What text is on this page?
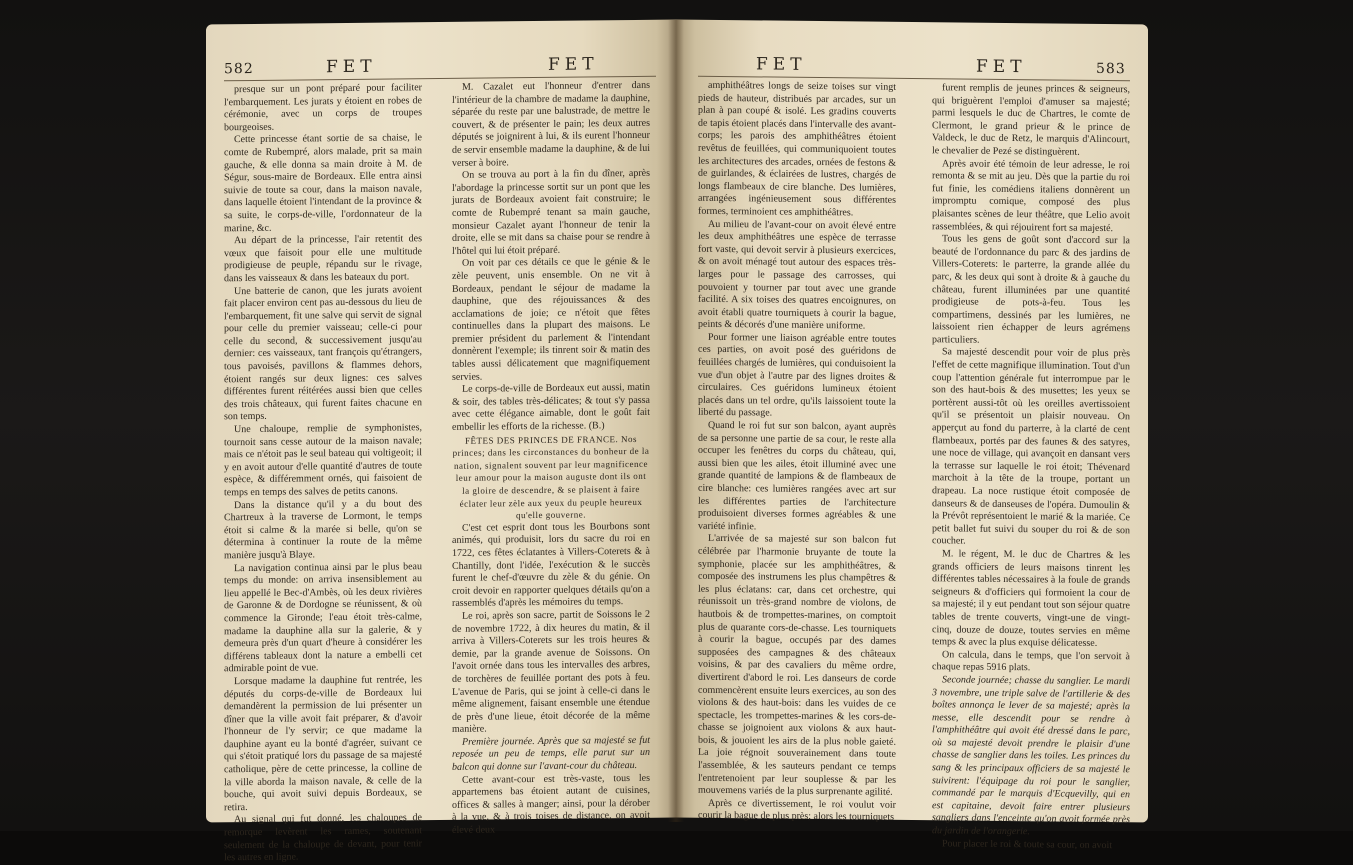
582	FET	FET

presque sur un pont préparé pour faciliter l'embarquement. Les jurats y étoient en robes de cérémonie, avec un corps de troupes bourgeoises.

Cette princesse étant sortie de sa chaise, le comte de Rubempré, alors malade, prit sa main gauche, & elle donna sa main droite à M. de Ségur, sous-maire de Bordeaux. Elle entra ainsi suivie de toute sa cour, dans la maison navale, dans laquelle étoient l'intendant de la province & sa suite, le corps-de-ville, l'ordonnateur de la marine, &c.

Au départ de la princesse, l'air retentit des vœux que faisoit pour elle une multitude prodigieuse de peuple, répandu sur le rivage, dans les vaisseaux & dans les bateaux du port.

Une batterie de canon, que les jurats avoient fait placer environ cent pas au-dessous du lieu de l'embarquement, fit une salve qui servit de signal pour celle du premier vaisseau; celle-ci pour celle du second, & successivement jusqu'au dernier: ces vaisseaux, tant françois qu'étrangers, tous pavoisés, pavillons & flammes dehors, étoient rangés sur deux lignes: ces salves différentes furent réitérées aussi bien que celles des trois châteaux, qui furent faites chacune en son temps.

Une chaloupe, remplie de symphonistes, tournoit sans cesse autour de la maison navale; mais ce n'étoit pas le seul bateau qui voltigeoit; il y en avoit autour d'elle quantité d'autres de toute espèce, & différemment ornés, qui faisoient de temps en temps des salves de petits canons.

Dans la distance qu'il y a du bout des Chartreux à la traverse de Lormont, le temps étoit si calme & la marée si belle, qu'on se détermina à continuer la route de la même manière jusqu'à Blaye.

La navigation continua ainsi par le plus beau temps du monde: on arriva insensiblement au lieu appellé le Bec-d'Ambès, où les deux rivières de Garonne & de Dordogne se réunissent, & où commence la Gironde; l'eau étoit très-calme, madame la dauphine alla sur la galerie, & y demeura près d'un quart d'heure à considérer les différens tableaux dont la nature a embelli cet admirable point de vue.

Lorsque madame la dauphine fut rentrée, les députés du corps-de-ville de Bordeaux lui demandèrent la permission de lui présenter un dîner que la ville avoit fait préparer, & d'avoir l'honneur de l'y servir; ce que madame la dauphine ayant eu la bonté d'agréer, suivant ce qui s'étoit pratiqué lors du passage de sa majesté catholique, père de cette princesse, la colline de la ville aborda la maison navale, & celle de la bouche, qui avoit suivi depuis Bordeaux, se retira.

Au signal qui fut donné, les chaloupes de remorque levèrent les rames, soutenant seulement de la chaloupe de devant, pour tenir les autres en ligne.

M. Cazalet eut l'honneur d'entrer dans l'intérieur de la chambre de madame la dauphine, séparée du reste par une balustrade, de mettre le couvert, & de présenter le pain; les deux autres députés se joignirent à lui, & ils eurent l'honneur de servir ensemble madame la dauphine, & de lui verser à boire.

On se trouva au port à la fin du dîner, après l'abordage la princesse sortit sur un pont que les jurats de Bordeaux avoient fait construire; le comte de Rubempré tenant sa main gauche, monsieur Cazalet ayant l'honneur de tenir la droite, elle se mit dans sa chaise pour se rendre à l'hôtel qui lui étoit préparé.

On voit par ces détails ce que le génie & le zèle peuvent, unis ensemble. On ne vit à Bordeaux, pendant le séjour de madame la dauphine, que des réjouissances & des acclamations de joie; ce n'étoit que fêtes continuelles dans la plupart des maisons. Le premier président du parlement & l'intendant donnèrent l'exemple; ils tinrent soir & matin des tables aussi délicatement que magnifiquement servies.

Le corps-de-ville de Bordeaux eut aussi, matin & soir, des tables très-délicates; & tout s'y passa avec cette élégance aimable, dont le goût fait embellir les efforts de la richesse. (B.)

FÊTES DES PRINCES DE FRANCE. Nos princes; dans les circonstances du bonheur de la nation, signalent souvent par leur magnificence leur amour pour la maison auguste dont ils ont la gloire de descendre, & se plaisent à faire éclater leur zèle aux yeux du peuple heureux qu'elle gouverne.

C'est cet esprit dont tous les Bourbons sont animés, qui produisit, lors du sacre du roi en 1722, ces fêtes éclatantes à Villers-Coterets & à Chantilly, dont l'idée, l'exécution & le succès furent le chef-d'œuvre du zèle & du génie. On croit devoir en rapporter quelques détails qu'on a rassemblés d'après les mémoires du temps.

Le roi, après son sacre, partit de Soissons le 2 de novembre 1722, à dix heures du matin, & il arriva à Villers-Coterets sur les trois heures & demie, par la grande avenue de Soissons. On l'avoit ornée dans tous les intervalles des arbres, de torchères de feuillée portant des pots à feu. L'avenue de Paris, qui se joint à celle-ci dans le même alignement, faisant ensemble une étendue de près d'une lieue, étoit décorée de la même manière.

Première journée. Après que sa majesté se fut reposée un peu de temps, elle parut sur un balcon qui donne sur l'avant-cour du château.

Cette avant-cour est très-vaste, tous les appartemens bas étoient autant de cuisines, offices & salles à manger; ainsi, pour la dérober à la vue, & à trois toises de distance, on avoit élevé deux

FET	FET	583

amphithéâtres longs de seize toises sur vingt pieds de hauteur, distribués par arcades, sur un plan à pan coupé & isolé. Les gradins couverts de tapis étoient placés dans l'intervalle des avant-corps; les parois des amphithéâtres étoient revêtus de feuillées, qui communiquoient toutes les architectures des arcades, ornées de festons & de guirlandes, & éclairées de lustres, chargés de longs flambeaux de cire blanche. Des lumières, arrangées ingénieusement sous différentes formes, terminoient ces amphithéâtres.

Au milieu de l'avant-cour on avoit élevé entre les deux amphithéâtres une espèce de terrasse fort vaste, qui devoit servir à plusieurs exercices, & on avoit ménagé tout autour des espaces très-larges pour le passage des carrosses, qui pouvoient y tourner par tout avec une grande facilité. A six toises des quatres encoignures, on avoit établi quatre tourniquets à courir la bague, peints & décorés d'une manière uniforme.

Pour former une liaison agréable entre toutes ces parties, on avoit posé des guéridons de feuillées chargés de lumières, qui conduisoient la vue d'un objet à l'autre par des lignes droites & circulaires. Ces guéridons lumineux étoient placés dans un tel ordre, qu'ils laissoient toute la liberté du passage.

Quand le roi fut sur son balcon, ayant auprès de sa personne une partie de sa cour, le reste alla occuper les fenêtres du corps du château, qui, aussi bien que les ailes, étoit illuminé avec une grande quantité de lampions & de flambeaux de cire blanche: ces lumières rangées avec art sur les différentes parties de l'architecture produisoient diverses formes agréables & une variété infinie.

L'arrivée de sa majesté sur son balcon fut célébrée par l'harmonie bruyante de toute la symphonie, placée sur les amphithéâtres, & composée des instrumens les plus champêtres & les plus éclatans: car, dans cet orchestre, qui réunissoit un très-grand nombre de violons, de hautbois & de trompettes-marines, on comptoit plus de quarante cors-de-chasse. Les tourniquets à courir la bague, occupés par des dames supposées des campagnes & des châteaux voisins, & par des cavaliers du même ordre, divertirent d'abord le roi. Les danseurs de corde commencèrent ensuite leurs exercices, au son des violons & des haut-bois: dans les vuides de ce spectacle, les trompettes-marines & les cors-de-chasse se joignoient aux violons & aux haut-bois, & jouoient les airs de la plus noble gaieté. La joie régnoit souverainement dans toute l'assemblée, & les sauteurs pendant ce temps l'entretenoient par leur souplesse & par les mouvemens variés de la plus surprenante agilité.

Après ce divertissement, le roi voulut voir courir la bague de plus près; alors les tourniquets

furent remplis de jeunes princes & seigneurs, qui briguèrent l'emploi d'amuser sa majesté; parmi lesquels le duc de Chartres, le comte de Clermont, le grand prieur & le prince de Valdeck, le duc de Retz, le marquis d'Alincourt, le chevalier de Pezé se distinguèrent.

Après avoir été témoin de leur adresse, le roi remonta & se mit au jeu. Dès que la partie du roi fut finie, les comédiens italiens donnèrent un impromptu comique, composé des plus plaisantes scènes de leur théâtre, que Lelio avoit rassemblées, & qui réjouirent fort sa majesté.

Tous les gens de goût sont d'accord sur la beauté de l'ordonnance du parc & des jardins de Villers-Coterets: le parterre, la grande allée du parc, & les deux qui sont à droite & à gauche du château, furent illuminées par une quantité prodigieuse de pots-à-feu. Tous les compartimens, dessinés par les lumières, ne laissoient rien échapper de leurs agrémens particuliers.

Sa majesté descendit pour voir de plus près l'effet de cette magnifique illumination. Tout d'un coup l'attention générale fut interrompue par le son des haut-bois & des musettes; les yeux se portèrent aussi-tôt où les oreilles avertissoient qu'il se présentoit un plaisir nouveau. On apperçut au fond du parterre, à la clarté de cent flambeaux, portés par des faunes & des satyres, une noce de village, qui avançoit en dansant vers la terrasse sur laquelle le roi étoit; Thévenard marchoit à la tête de la troupe, portant un drapeau. La noce rustique étoit composée de danseurs & de danseuses de l'opéra. Dumoulin & la Prévôt représentoient le marié & la mariée. Ce petit ballet fut suivi du souper du roi & de son coucher.

M. le régent, M. le duc de Chartres & les grands officiers de leurs maisons tinrent les différentes tables nécessaires à la foule de grands seigneurs & d'officiers qui formoient la cour de sa majesté; il y eut pendant tout son séjour quatre tables de trente couverts, vingt-une de vingt-cinq, douze de douze, toutes servies en même temps & avec la plus exquise délicatesse.

On calcula, dans le temps, que l'on servoit à chaque repas 5916 plats.

Seconde journée; chasse du sanglier. Le mardi 3 novembre, une triple salve de l'artillerie & des boîtes annonça le lever de sa majesté; après la messe, elle descendit pour se rendre à l'amphithéâtre qui avoit été dressé dans le parc, où sa majesté devoit prendre le plaisir d'une chasse de sanglier dans les toiles. Les princes du sang & les principaux officiers de sa majesté le suivirent: l'équipage du roi pour le sanglier, commandé par le marquis d'Ecquevilly, qui en est capitaine, devoit faire entrer plusieurs sangliers dans l'enceinte qu'on avoit formée près du jardin de l'orangerie.

Pour placer le roi & toute sa cour, on avoit
